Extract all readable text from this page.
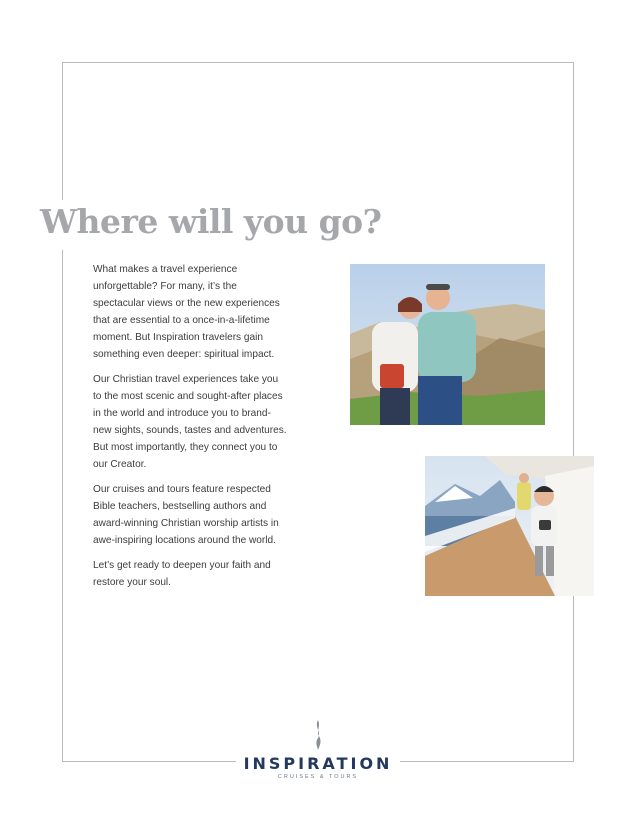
Where will you go?

What makes a travel experience unforgettable? For many, it’s the spectacular views or the new experiences that are essential to a once-in-a-lifetime moment. But Inspiration travelers gain something even deeper: spiritual impact.

Our Christian travel experiences take you to the most scenic and sought-after places in the world and introduce you to brand-new sights, sounds, tastes and adventures. But most importantly, they connect you to our Creator.

Our cruises and tours feature respected Bible teachers, bestselling authors and award-winning Christian worship artists in awe-inspiring locations around the world.

Let’s get ready to deepen your faith and restore your soul.

INSPIRATION
CRUISES & TOURS
